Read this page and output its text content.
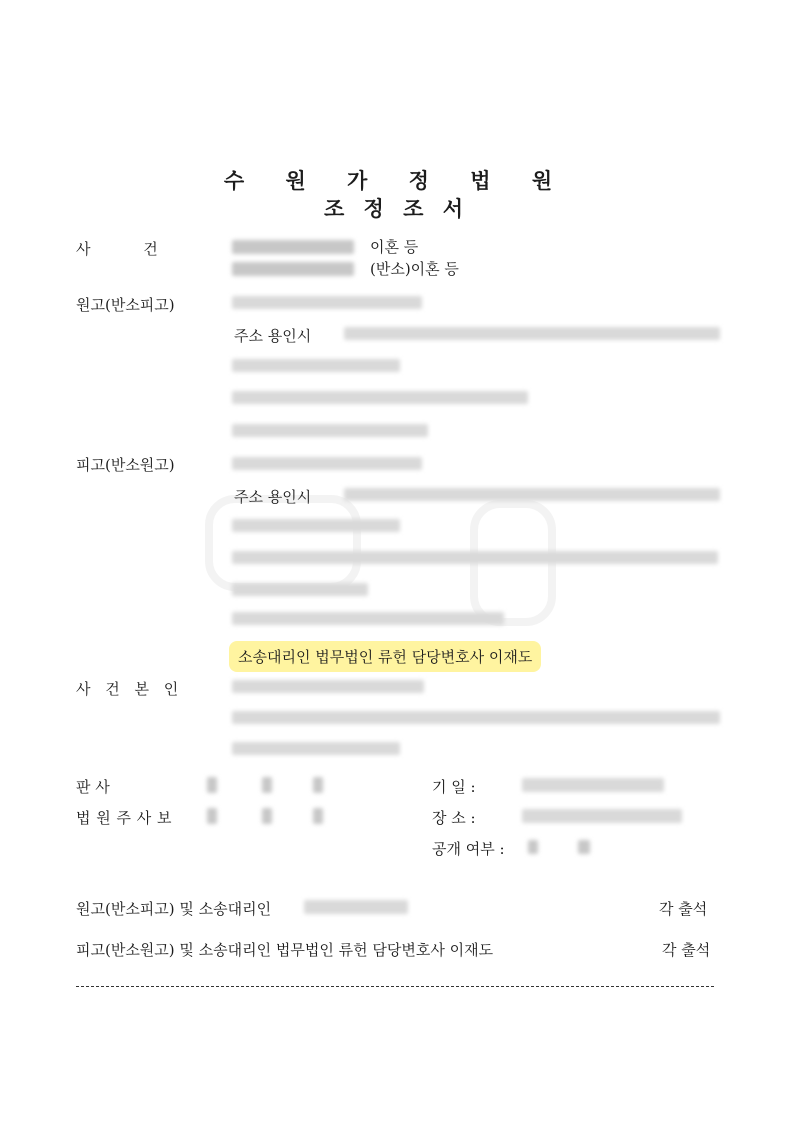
수 원 가 정 법 원
조 정 조 서
사 건	이혼 등
(반소)이혼 등
원고(반소피고)
주소 용인시
피고(반소원고)
주소 용인시
소송대리인 법무법인 류헌 담당변호사 이재도
사 건 본 인
판 사	기 일 :
법 원 주 사 보	장 소 :
공개 여부 :
원고(반소피고) 및 소송대리인	각 출석
피고(반소원고) 및 소송대리인 법무법인 류헌 담당변호사 이재도	각 출석
